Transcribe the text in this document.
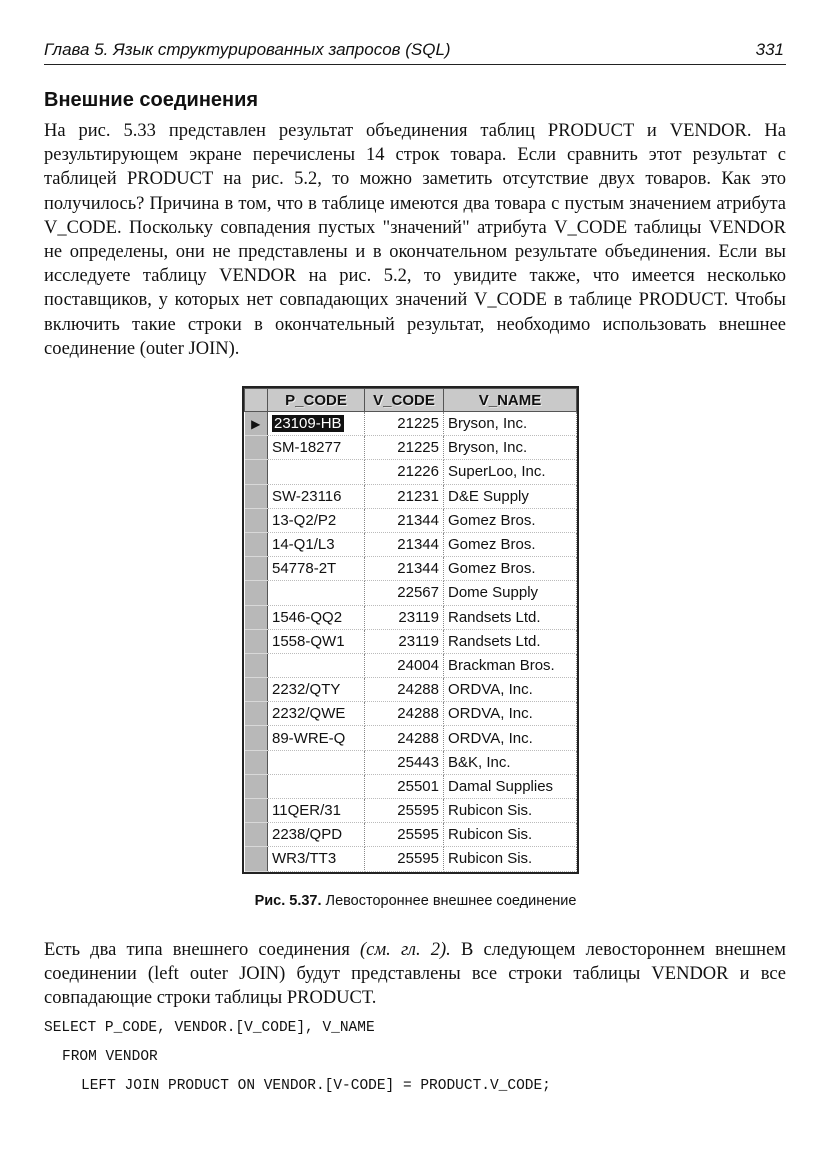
Глава 5. Язык структурированных запросов (SQL)	331
Внешние соединения
На рис. 5.33 представлен результат объединения таблиц PRODUCT и VENDOR. На результирующем экране перечислены 14 строк товара. Если сравнить этот результат с таблицей PRODUCT на рис. 5.2, то можно заметить отсутствие двух товаров. Как это получилось? Причина в том, что в таблице имеются два товара с пустым значением атрибута V_CODE. Поскольку совпадения пустых "значений" атрибута V_CODE таблицы VENDOR не определены, они не представлены и в окончательном результате объединения. Если вы исследуете таблицу VENDOR на рис. 5.2, то увидите также, что имеется несколько поставщиков, у которых нет совпадающих значений V_CODE в таблице PRODUCT. Чтобы включить такие строки в окончательный результат, необходимо использовать внешнее соединение (outer JOIN).
	P_CODE	V_CODE	V_NAME
▶	23109-HB	21225	Bryson, Inc.
	SM-18277	21225	Bryson, Inc.
		21226	SuperLoo, Inc.
	SW-23116	21231	D&E Supply
	13-Q2/P2	21344	Gomez Bros.
	14-Q1/L3	21344	Gomez Bros.
	54778-2T	21344	Gomez Bros.
		22567	Dome Supply
	1546-QQ2	23119	Randsets Ltd.
	1558-QW1	23119	Randsets Ltd.
		24004	Brackman Bros.
	2232/QTY	24288	ORDVA, Inc.
	2232/QWE	24288	ORDVA, Inc.
	89-WRE-Q	24288	ORDVA, Inc.
		25443	B&K, Inc.
		25501	Damal Supplies
	11QER/31	25595	Rubicon Sis.
	2238/QPD	25595	Rubicon Sis.
	WR3/TT3	25595	Rubicon Sis.
Рис. 5.37. Левостороннее внешнее соединение
Есть два типа внешнего соединения (см. гл. 2). В следующем левостороннем внешнем соединении (left outer JOIN) будут представлены все строки таблицы VENDOR и все совпадающие строки таблицы PRODUCT.
SELECT P_CODE, VENDOR.[V_CODE], V_NAME
FROM VENDOR
LEFT JOIN PRODUCT ON VENDOR.[V-CODE] = PRODUCT.V_CODE;
